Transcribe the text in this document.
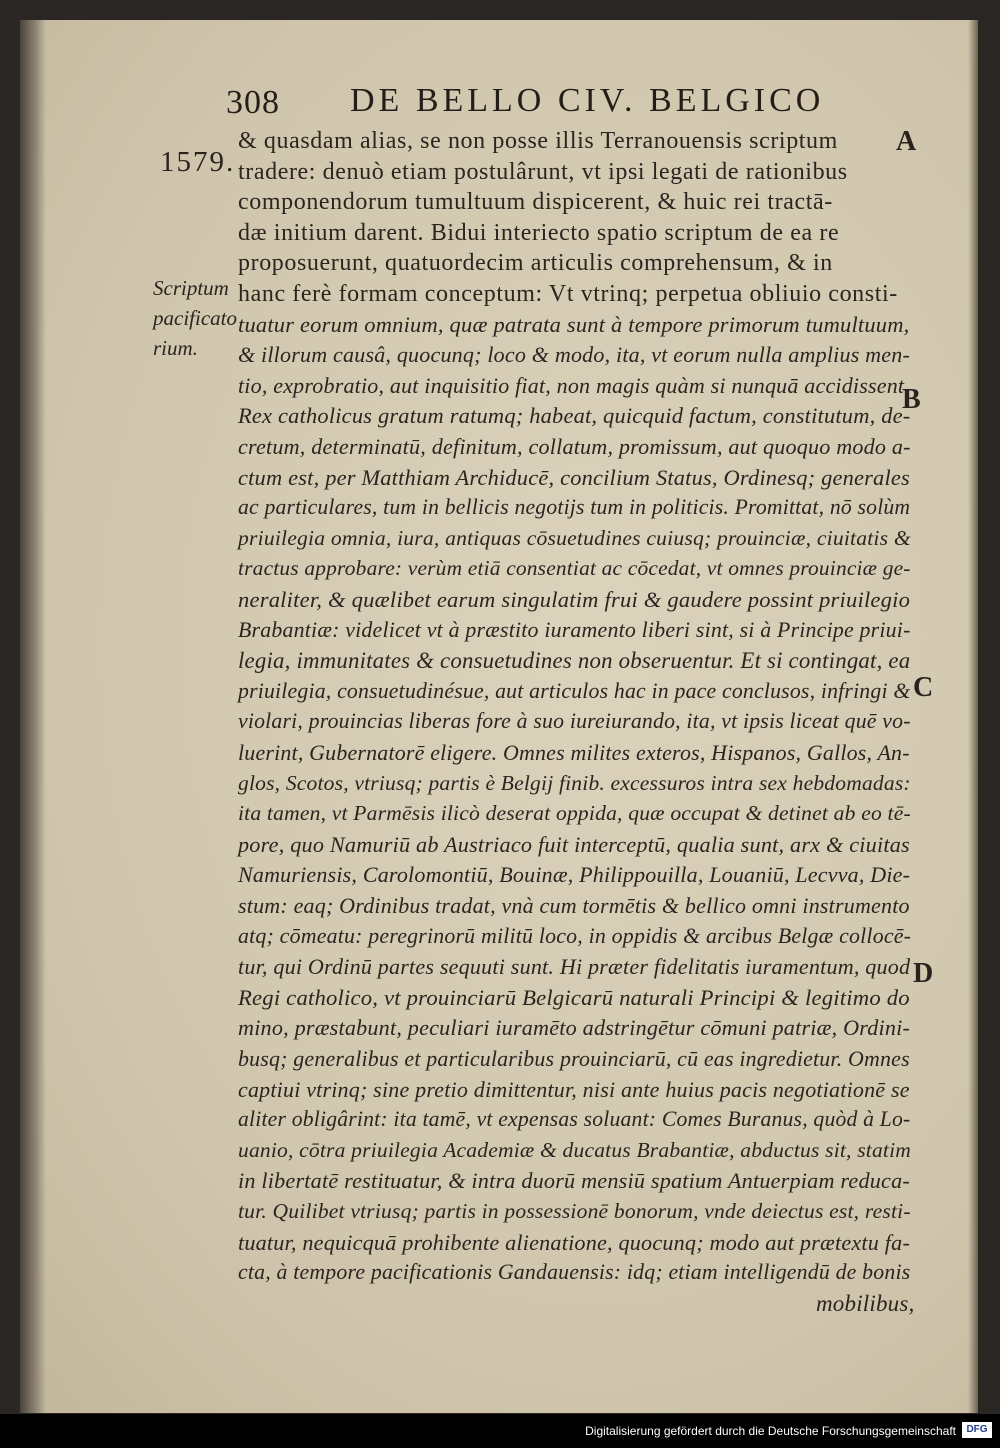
308 DE BELLO CIV. BELGICO
1579.
Scriptum
pacificato
rium.
A
B
C
D
& quasdam alias, se non posse illis Terranouensis scriptum
tradere: denuò etiam postulârunt, vt ipsi legati de rationibus
componendorum tumultuum dispicerent, & huic rei tractā-
dæ initium darent. Bidui interiecto spatio scriptum de ea re
proposuerunt, quatuordecim articulis comprehensum, & in
hanc ferè formam conceptum: Vt vtrinq; perpetua obliuio consti-
tuatur eorum omnium, quæ patrata sunt à tempore primorum tumultuum,
& illorum causâ, quocunq; loco & modo, ita, vt eorum nulla amplius men-
tio, exprobratio, aut inquisitio fiat, non magis quàm si nunquā accidissent.
Rex catholicus gratum ratumq; habeat, quicquid factum, constitutum, de-
cretum, determinatū, definitum, collatum, promissum, aut quoquo modo a-
ctum est, per Matthiam Archiducē, concilium Status, Ordinesq; generales
ac particulares, tum in bellicis negotijs tum in politicis. Promittat, nō solùm
priuilegia omnia, iura, antiquas cōsuetudines cuiusq; prouinciæ, ciuitatis &
tractus approbare: verùm etiā consentiat ac cōcedat, vt omnes prouinciæ ge-
neraliter, & quælibet earum singulatim frui & gaudere possint priuilegio
Brabantiæ: videlicet vt à præstito iuramento liberi sint, si à Principe priui-
legia, immunitates & consuetudines non obseruentur. Et si contingat, ea
priuilegia, consuetudinésue, aut articulos hac in pace conclusos, infringi &
violari, prouincias liberas fore à suo iureiurando, ita, vt ipsis liceat quē vo-
luerint, Gubernatorē eligere. Omnes milites exteros, Hispanos, Gallos, An-
glos, Scotos, vtriusq; partis è Belgij finib. excessuros intra sex hebdomadas:
ita tamen, vt Parmēsis ilicò deserat oppida, quæ occupat & detinet ab eo tē-
pore, quo Namuriū ab Austriaco fuit interceptū, qualia sunt, arx & ciuitas
Namuriensis, Carolomontiū, Bouinæ, Philippouilla, Louaniū, Lecvva, Die-
stum: eaq; Ordinibus tradat, vnà cum tormētis & bellico omni instrumento
atq; cōmeatu: peregrinorū militū loco, in oppidis & arcibus Belgæ collocē-
tur, qui Ordinū partes sequuti sunt. Hi præter fidelitatis iuramentum, quod
Regi catholico, vt prouinciarū Belgicarū naturali Principi & legitimo do
mino, præstabunt, peculiari iuramēto adstringētur cōmuni patriæ, Ordini-
busq; generalibus et particularibus prouinciarū, cū eas ingredietur. Omnes
captiui vtrinq; sine pretio dimittentur, nisi ante huius pacis negotiationē se
aliter obligârint: ita tamē, vt expensas soluant: Comes Buranus, quòd à Lo-
uanio, cōtra priuilegia Academiæ & ducatus Brabantiæ, abductus sit, statim
in libertatē restituatur, & intra duorū mensiū spatium Antuerpiam reduca-
tur. Quilibet vtriusq; partis in possessionē bonorum, vnde deiectus est, resti-
tuatur, nequicquā prohibente alienatione, quocunq; modo aut prætextu fa-
cta, à tempore pacificationis Gandauensis: idq; etiam intelligendū de bonis
mobilibus,
Digitalisierung gefördert durch die Deutsche Forschungsgemeinschaft	DFG
